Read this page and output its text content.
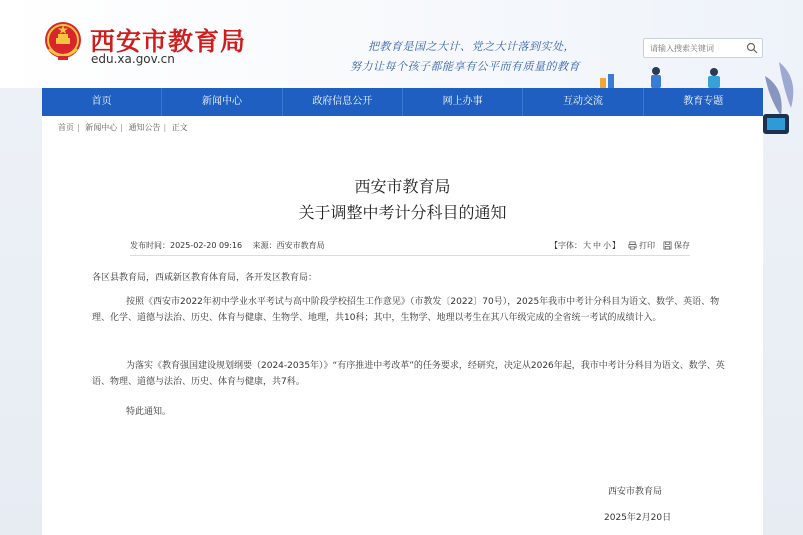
西安市教育局
edu.xa.gov.cn
把教育是国之大计、党之大计落到实处，
努力让每个孩子都能享有公平而有质量的教育
请输入搜索关键词
首页	新闻中心	政府信息公开	网上办事	互动交流	教育专题
首页 | 新闻中心 | 通知公告 | 正文
西安市教育局
关于调整中考计分科目的通知
发布时间：2025-02-20 09:16 来源：西安市教育局	【字体：大 中 小】 打印 保存
各区县教育局，西咸新区教育体育局，各开发区教育局：
按照《西安市2022年初中学业水平考试与高中阶段学校招生工作意见》（市教发〔2022〕70号），2025年我市中考计分科目为语文、数学、英语、物理、化学、道德与法治、历史、体育与健康、生物学、地理，共10科；其中，生物学、地理以考生在其八年级完成的全省统一考试的成绩计入。
为落实《教育强国建设规划纲要（2024-2035年）》“有序推进中考改革”的任务要求，经研究，决定从2026年起，我市中考计分科目为语文、数学、英语、物理、道德与法治、历史、体育与健康，共7科。
特此通知。
西安市教育局
2025年2月20日
